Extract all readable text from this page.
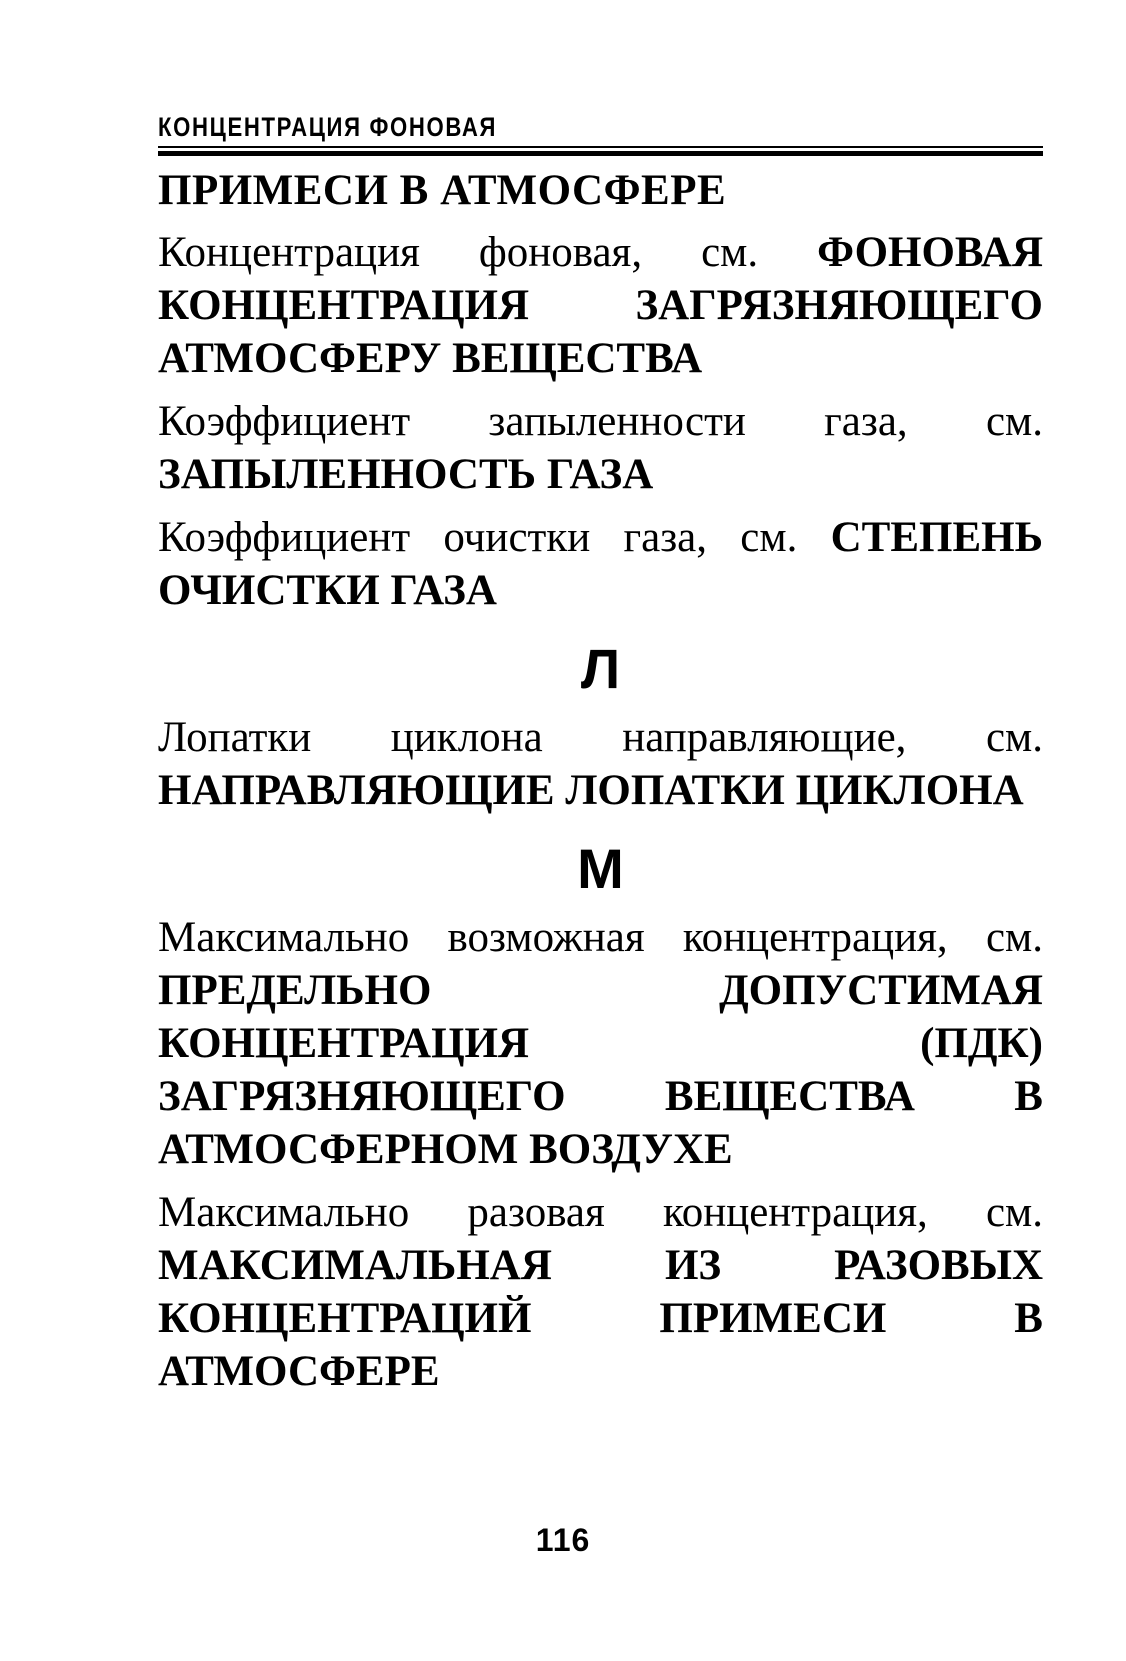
КОНЦЕНТРАЦИЯ ФОНОВАЯ
ПРИМЕСИ В АТМОСФЕРЕ
Концентрация фоновая, см. ФОНОВАЯ КОНЦЕНТРАЦИЯ ЗАГРЯЗНЯЮЩЕГО АТМОСФЕРУ ВЕЩЕСТВА
Коэффициент запыленности газа, см. ЗАПЫЛЕННОСТЬ ГАЗА
Коэффициент очистки газа, см. СТЕПЕНЬ ОЧИСТКИ ГАЗА
Л
Лопатки циклона направляющие, см. НАПРАВЛЯЮЩИЕ ЛОПАТКИ ЦИКЛОНА
М
Максимально возможная концентрация, см. ПРЕДЕЛЬНО ДОПУСТИМАЯ КОНЦЕНТРАЦИЯ (ПДК) ЗАГРЯЗНЯЮЩЕГО ВЕЩЕСТВА В АТМОСФЕРНОМ ВОЗДУХЕ
Максимально разовая концентрация, см. МАКСИМАЛЬНАЯ ИЗ РАЗОВЫХ КОНЦЕНТРАЦИЙ ПРИМЕСИ В АТМОСФЕРЕ
116
